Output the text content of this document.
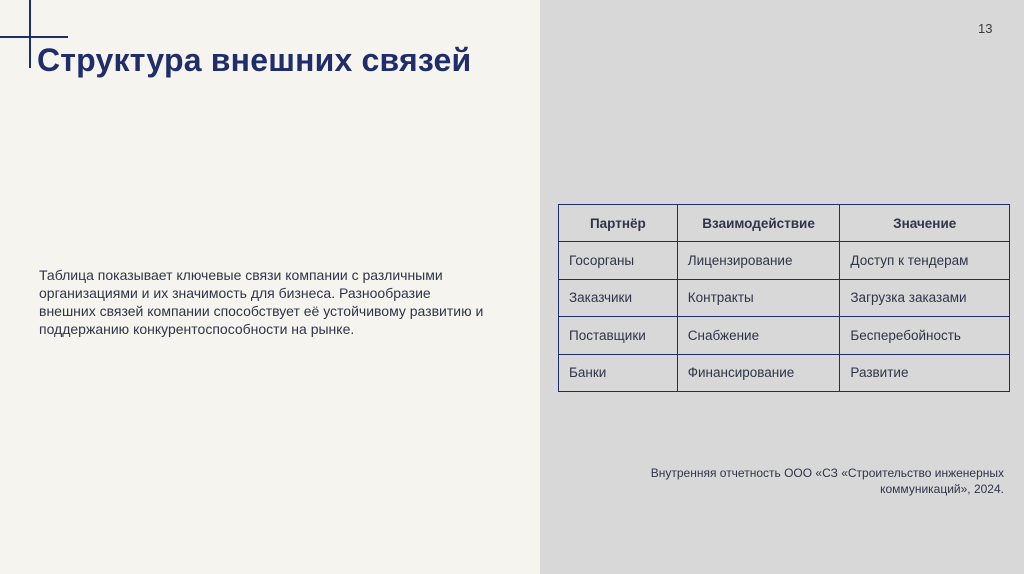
Структура внешних связей
13

Таблица показывает ключевые связи компании с различными организациями и их значимость для бизнеса. Разнообразие внешних связей компании способствует её устойчивому развитию и поддержанию конкурентоспособности на рынке.

Партнёр	Взаимодействие	Значение
Госорганы	Лицензирование	Доступ к тендерам
Заказчики	Контракты	Загрузка заказами
Поставщики	Снабжение	Бесперебойность
Банки	Финансирование	Развитие

Внутренняя отчетность ООО «СЗ «Строительство инженерных коммуникаций», 2024.
